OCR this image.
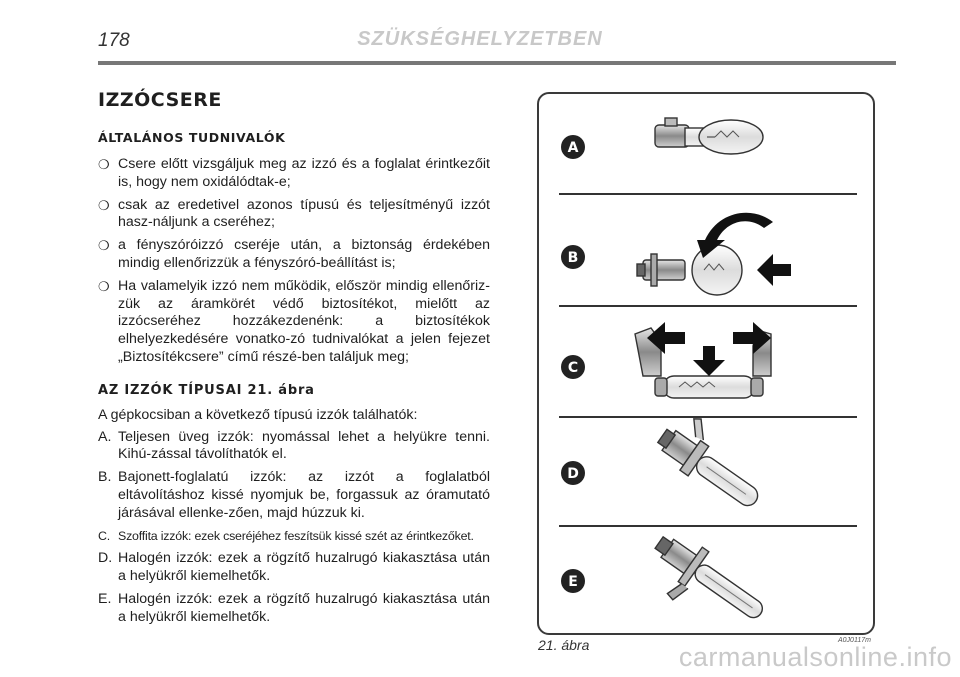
178	SZÜKSÉGHELYZETBEN
IZZÓCSERE
ÁLTALÁNOS TUDNIVALÓK
❍ Csere előtt vizsgáljuk meg az izzó és a foglalat érintkezőit is, hogy nem oxidálódtak-e;
❍ csak az eredetivel azonos típusú és teljesítményű izzót hasz-náljunk a cseréhez;
❍ a fényszóróizzó cseréje után, a biztonság érdekében mindig ellenőrizzük a fényszóró-beállítást is;
❍ Ha valamelyik izzó nem működik, először mindig ellenőriz-zük az áramkörét védő biztosítékot, mielőtt az izzócseréhez hozzákezdenénk: a biztosítékok elhelyezkedésére vonatko-zó tudnivalókat a jelen fejezet „Biztosítékcsere” című részé-ben találjuk meg;
AZ IZZÓK TÍPUSAI 21. ábra
A gépkocsiban a következő típusú izzók találhatók:
A. Teljesen üveg izzók: nyomással lehet a helyükre tenni. Kihú-zással távolíthatók el.
B. Bajonett-foglalatú izzók: az izzót a foglalatból eltávolításhoz kissé nyomjuk be, forgassuk az óramutató járásával ellenke-zően, majd húzzuk ki.
C. Szoffita izzók: ezek cseréjéhez feszítsük kissé szét az érintkezőket.
D. Halogén izzók: ezek a rögzítő huzalrugó kiakasztása után a helyükről kiemelhetők.
E. Halogén izzók: ezek a rögzítő huzalrugó kiakasztása után a helyükről kiemelhetők.
A
B
C
D
E
21. ábra	A0J0117m
carmanualsonline.info
